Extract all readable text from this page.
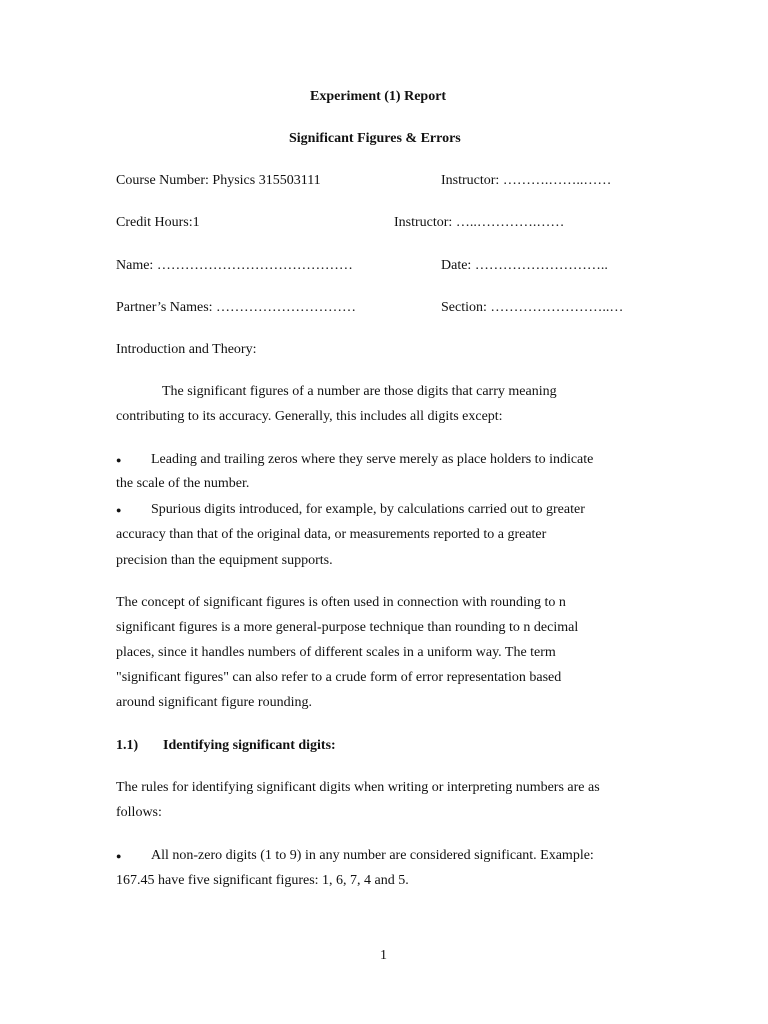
Experiment (1) Report
Significant Figures & Errors
Course Number: Physics 315503111	Instructor: ……….……..……
Credit Hours:1	Instructor: …..………….……
Name: ……………………………………	Date: ………………………..
Partner’s Names: …………………………	Section: ……………………..…
Introduction and Theory:
The significant figures of a number are those digits that carry meaning
contributing to its accuracy. Generally, this includes all digits except:
● Leading and trailing zeros where they serve merely as place holders to indicate
the scale of the number.
● Spurious digits introduced, for example, by calculations carried out to greater
accuracy than that of the original data, or measurements reported to a greater
precision than the equipment supports.
The concept of significant figures is often used in connection with rounding to n
significant figures is a more general-purpose technique than rounding to n decimal
places, since it handles numbers of different scales in a uniform way. The term
"significant figures" can also refer to a crude form of error representation based
around significant figure rounding.
1.1) Identifying significant digits:
The rules for identifying significant digits when writing or interpreting numbers are as
follows:
● All non-zero digits (1 to 9) in any number are considered significant. Example:
167.45 have five significant figures: 1, 6, 7, 4 and 5.
1
